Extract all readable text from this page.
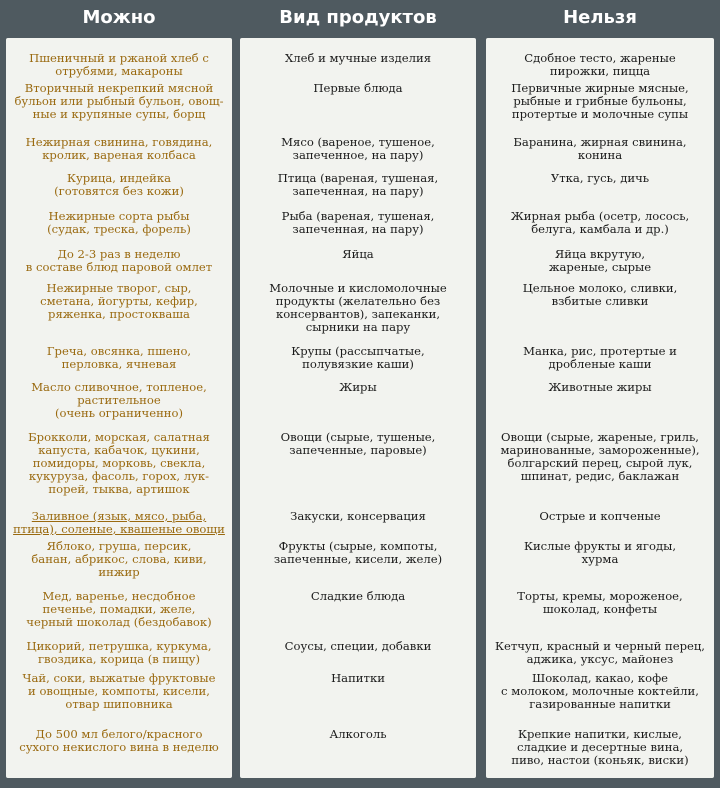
Можно	Вид продуктов	Нельзя
Пшеничный и ржаной хлеб с
отрубями, макароны
Вторичный некрепкий мясной
бульон или рыбный бульон, овощ-
ные и крупяные супы, борщ
Нежирная свинина, говядина,
кролик, вареная колбаса
Курица, индейка
(готовятся без кожи)
Нежирные сорта рыбы
(судак, треска, форель)
До 2-3 раз в неделю
в составе блюд паровой омлет
Нежирные творог, сыр,
сметана, йогурты, кефир,
ряженка, простокваша
Греча, овсянка, пшено,
перловка, ячневая
Масло сливочное, топленое,
растительное
(очень ограниченно)
Брокколи, морская, салатная
капуста, кабачок, цукини,
помидоры, морковь, свекла,
кукуруза, фасоль, горох, лук-
порей, тыква, артишок
Заливное (язык, мясо, рыба,
птица), соленые, квашеные овощи
Яблоко, груша, персик,
банан, абрикос, слова, киви,
инжир
Мед, варенье, несдобное
печенье, помадки, желе,
черный шоколад (бездобавок)
Цикорий, петрушка, куркума,
гвоздика, корица (в пищу)
Чай, соки, выжатые фруктовые
и овощные, компоты, кисели,
отвар шиповника
До 500 мл белого/красного
сухого некислого вина в неделю
Хлеб и мучные изделия
Первые блюда
Мясо (вареное, тушеное,
запеченное, на пару)
Птица (вареная, тушеная,
запеченная, на пару)
Рыба (вареная, тушеная,
запеченная, на пару)
Яйца
Молочные и кисломолочные
продукты (желательно без
консервантов), запеканки,
сырники на пару
Крупы (рассыпчатые,
полувязкие каши)
Жиры
Овощи (сырые, тушеные,
запеченные, паровые)
Закуски, консервация
Фрукты (сырые, компоты,
запеченные, кисели, желе)
Сладкие блюда
Соусы, специи, добавки
Напитки
Алкоголь
Сдобное тесто, жареные
пирожки, пицца
Первичные жирные мясные,
рыбные и грибные бульоны,
протертые и молочные супы
Баранина, жирная свинина,
конина
Утка, гусь, дичь
Жирная рыба (осетр, лосось,
белуга, камбала и др.)
Яйца вкрутую,
жареные, сырые
Цельное молоко, сливки,
взбитые сливки
Манка, рис, протертые и
дробленые каши
Животные жиры
Овощи (сырые, жареные, гриль,
маринованные, замороженные),
болгарский перец, сырой лук,
шпинат, редис, баклажан
Острые и копченые
Кислые фрукты и ягоды,
хурма
Торты, кремы, мороженое,
шоколад, конфеты
Кетчуп, красный и черный перец,
аджика, уксус, майонез
Шоколад, какао, кофе
с молоком, молочные коктейли,
газированные напитки
Крепкие напитки, кислые,
сладкие и десертные вина,
пиво, настои (коньяк, виски)
